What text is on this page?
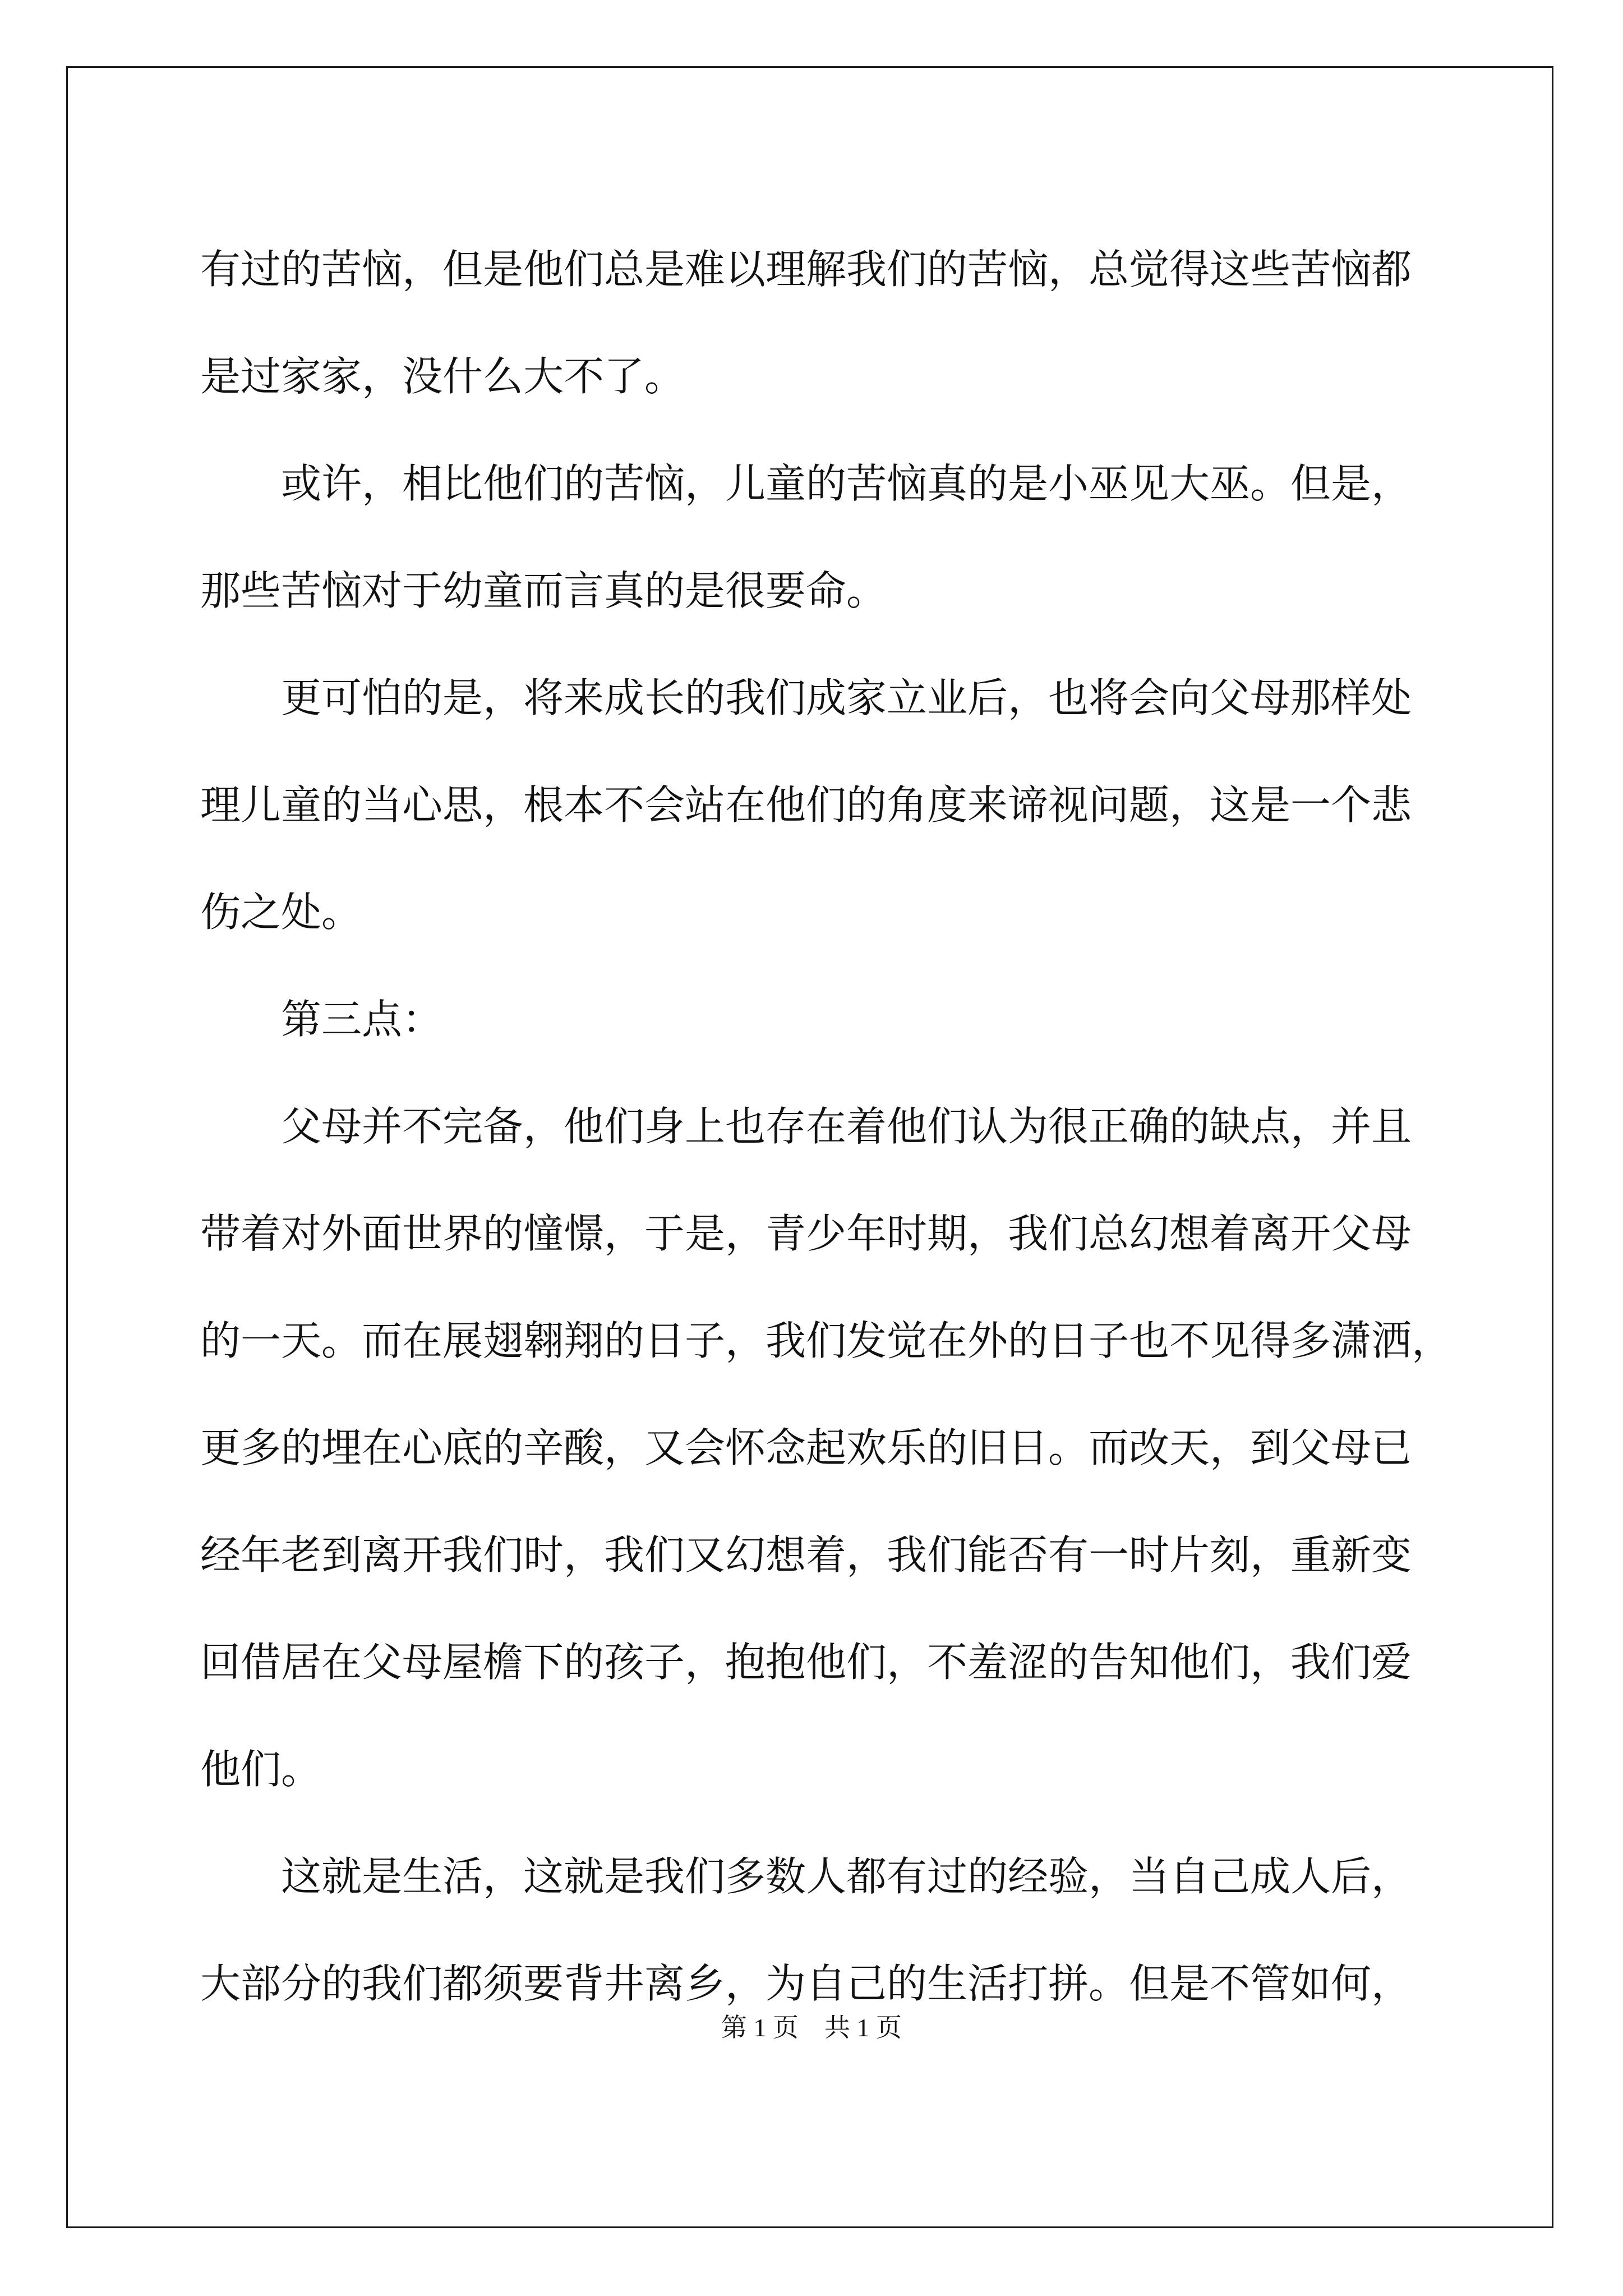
有过的苦恼，但是他们总是难以理解我们的苦恼，总觉得这些苦恼都
是过家家，没什么大不了。
　　或许，相比他们的苦恼，儿童的苦恼真的是小巫见大巫。但是，
那些苦恼对于幼童而言真的是很要命。
　　更可怕的是，将来成长的我们成家立业后，也将会向父母那样处
理儿童的当心思，根本不会站在他们的角度来谛视问题，这是一个悲
伤之处。
　　第三点：
　　父母并不完备，他们身上也存在着他们认为很正确的缺点，并且
带着对外面世界的憧憬，于是，青少年时期，我们总幻想着离开父母
的一天。而在展翅翱翔的日子，我们发觉在外的日子也不见得多潇洒，
更多的埋在心底的辛酸，又会怀念起欢乐的旧日。而改天，到父母已
经年老到离开我们时，我们又幻想着，我们能否有一时片刻，重新变
回借居在父母屋檐下的孩子，抱抱他们，不羞涩的告知他们，我们爱
他们。
　　这就是生活，这就是我们多数人都有过的经验，当自己成人后，
大部分的我们都须要背井离乡，为自己的生活打拼。但是不管如何，
第 1 页　共 1 页
